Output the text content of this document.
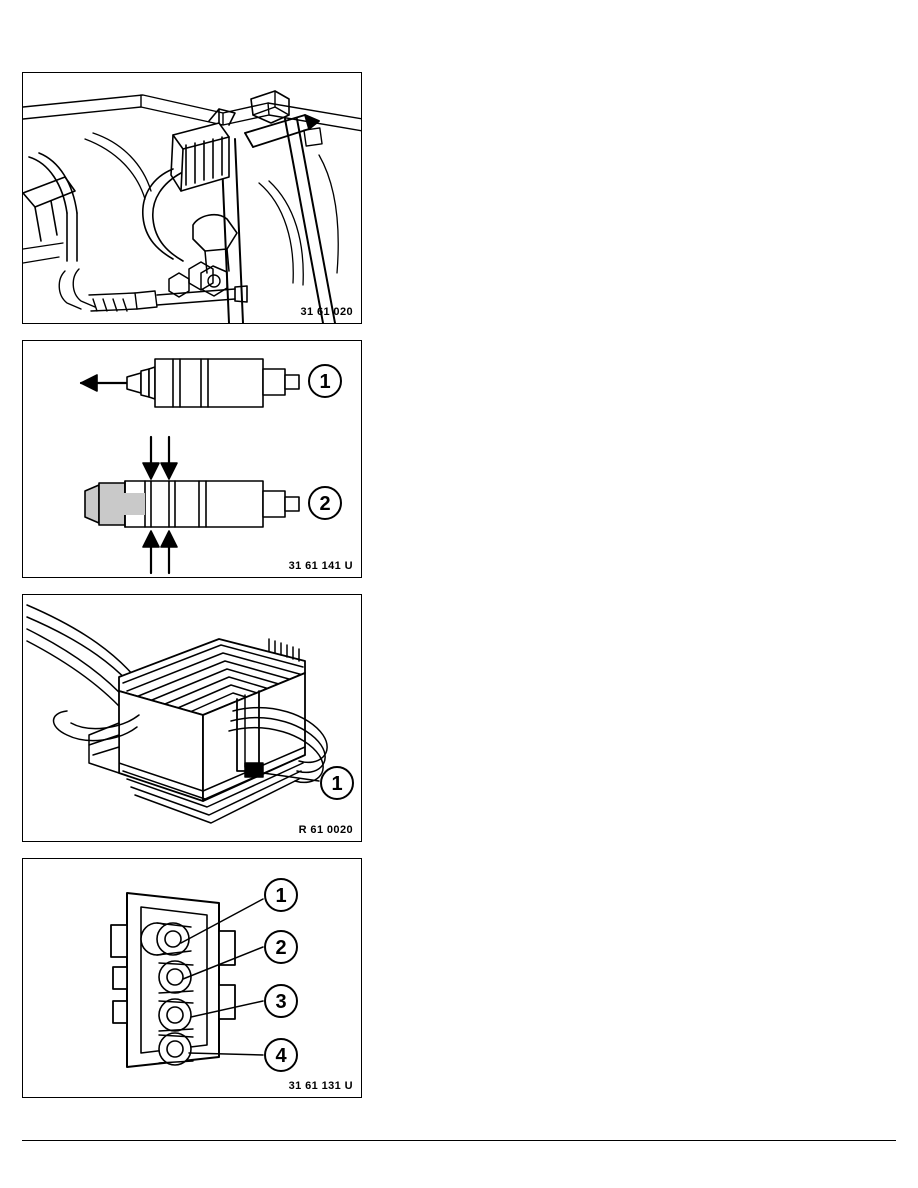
31 61 020
1
2
31 61 141 U
1
R 61 0020
1
2
3
4
31 61 131 U
